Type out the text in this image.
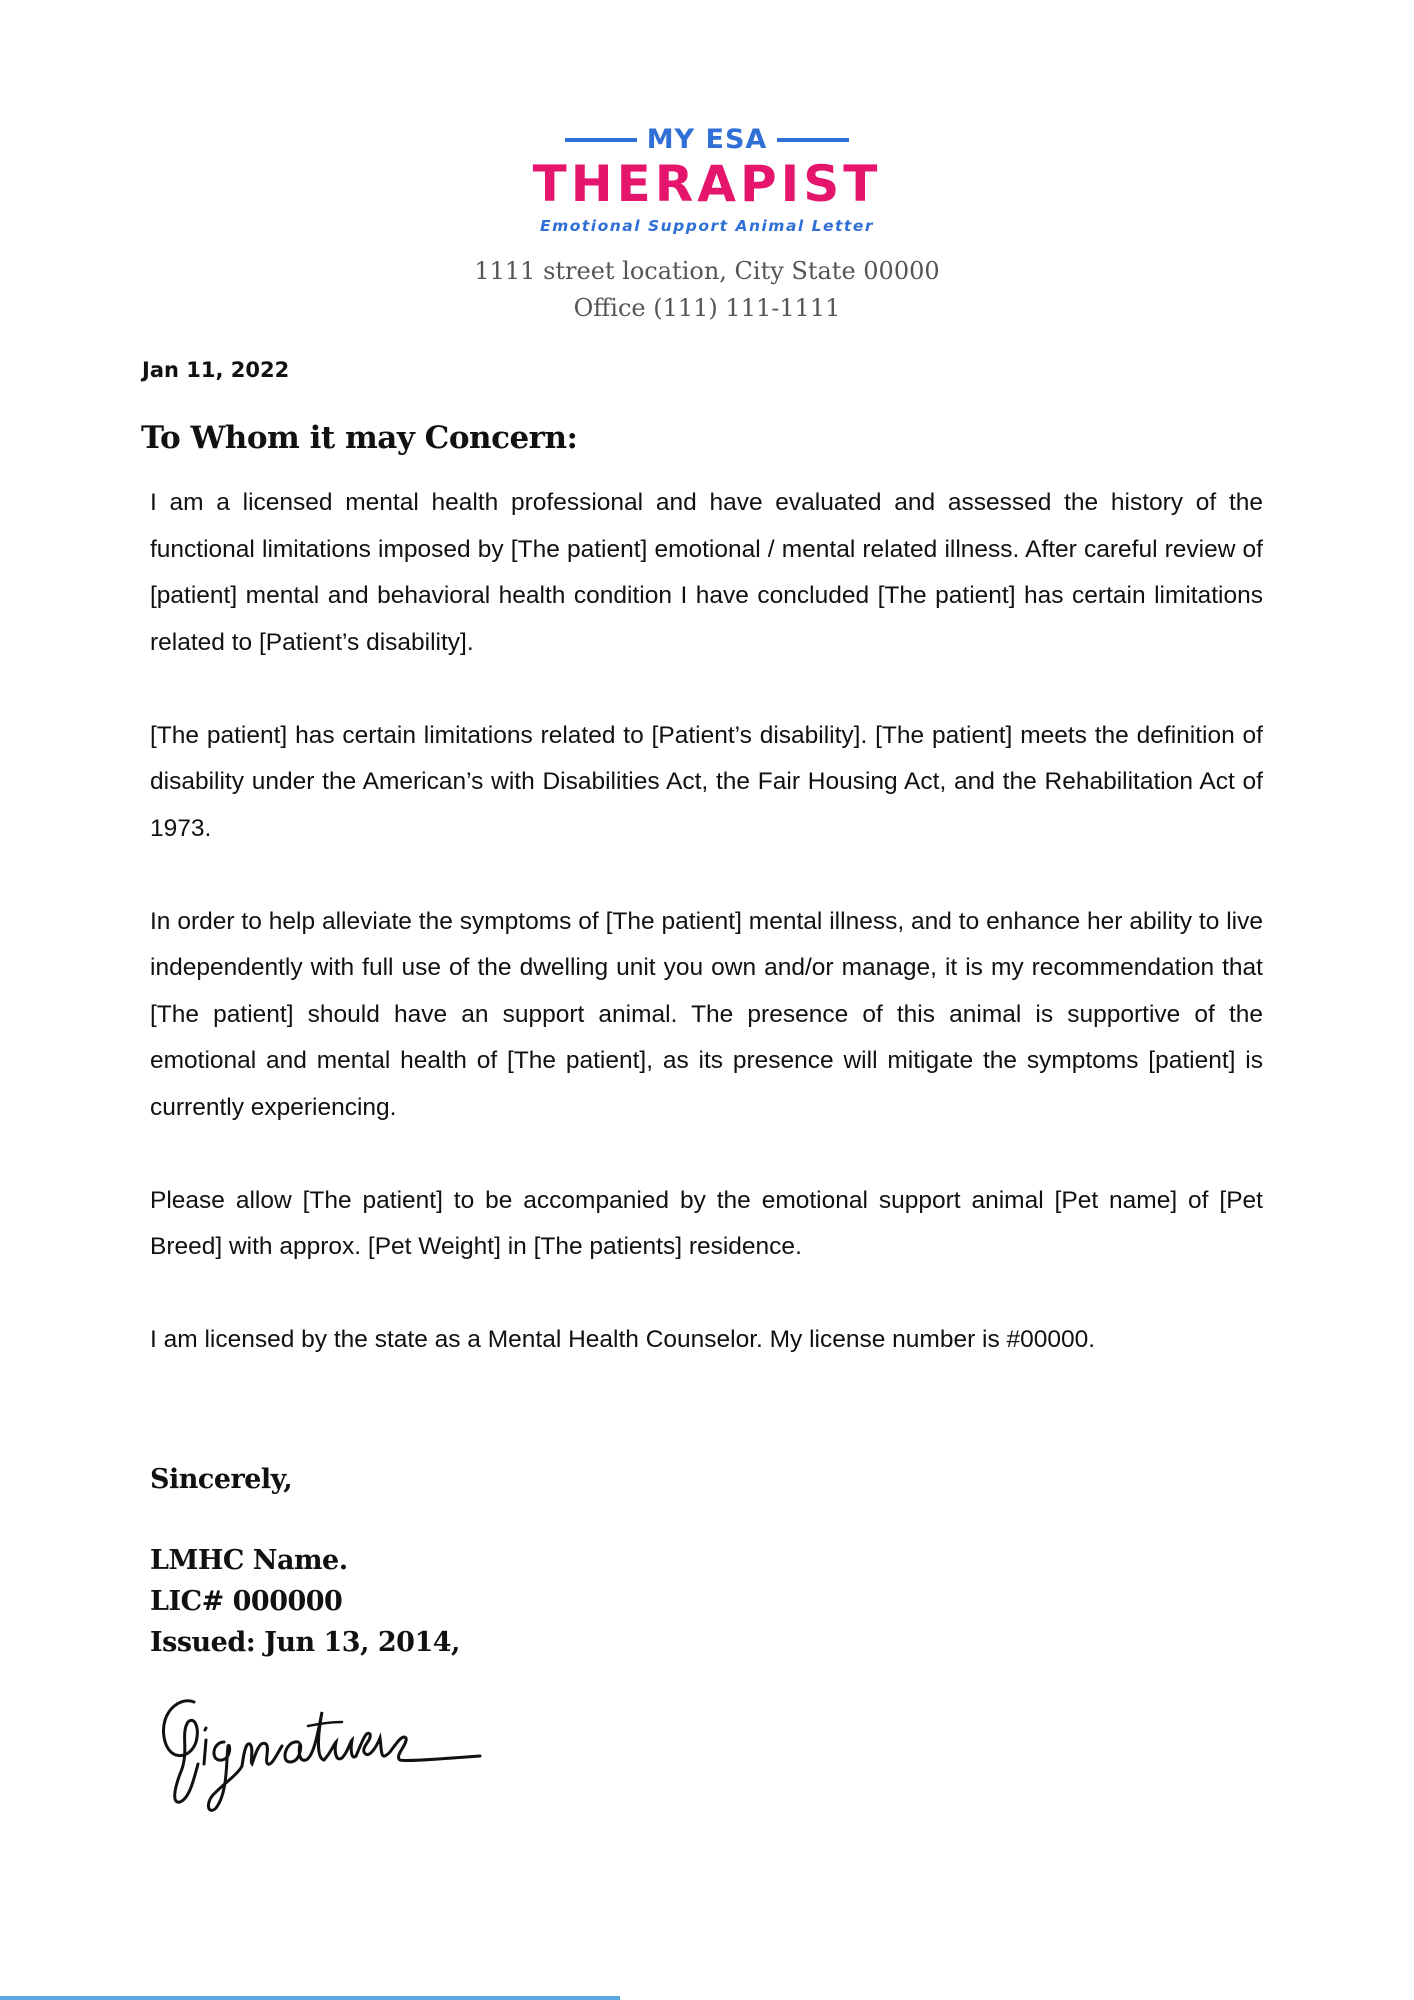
MY ESA
THERAPIST
Emotional Support Animal Letter
1111 street location, City State 00000
Office (111) 111-1111
Jan 11, 2022
To Whom it may Concern:

I am a licensed mental health professional and have evaluated and assessed the history of the functional limitations imposed by [The patient] emotional / mental related illness. After careful review of [patient] mental and behavioral health condition I have concluded [The patient] has certain limitations related to [Patient’s disability].

[The patient] has certain limitations related to [Patient’s disability]. [The patient] meets the definition of disability under the American’s with Disabilities Act, the Fair Housing Act, and the Rehabilitation Act of 1973.

In order to help alleviate the symptoms of [The patient] mental illness, and to enhance her ability to live independently with full use of the dwelling unit you own and/or manage, it is my recommendation that [The patient] should have an support animal. The presence of this animal is supportive of the emotional and mental health of [The patient], as its presence will mitigate the symptoms [patient] is currently experiencing.

Please allow [The patient] to be accompanied by the emotional support animal [Pet name] of [Pet Breed] with approx. [Pet Weight] in [The patients] residence.

I am licensed by the state as a Mental Health Counselor. My license number is #00000.

Sincerely,
LMHC Name.
LIC# 000000
Issued: Jun 13, 2014,
